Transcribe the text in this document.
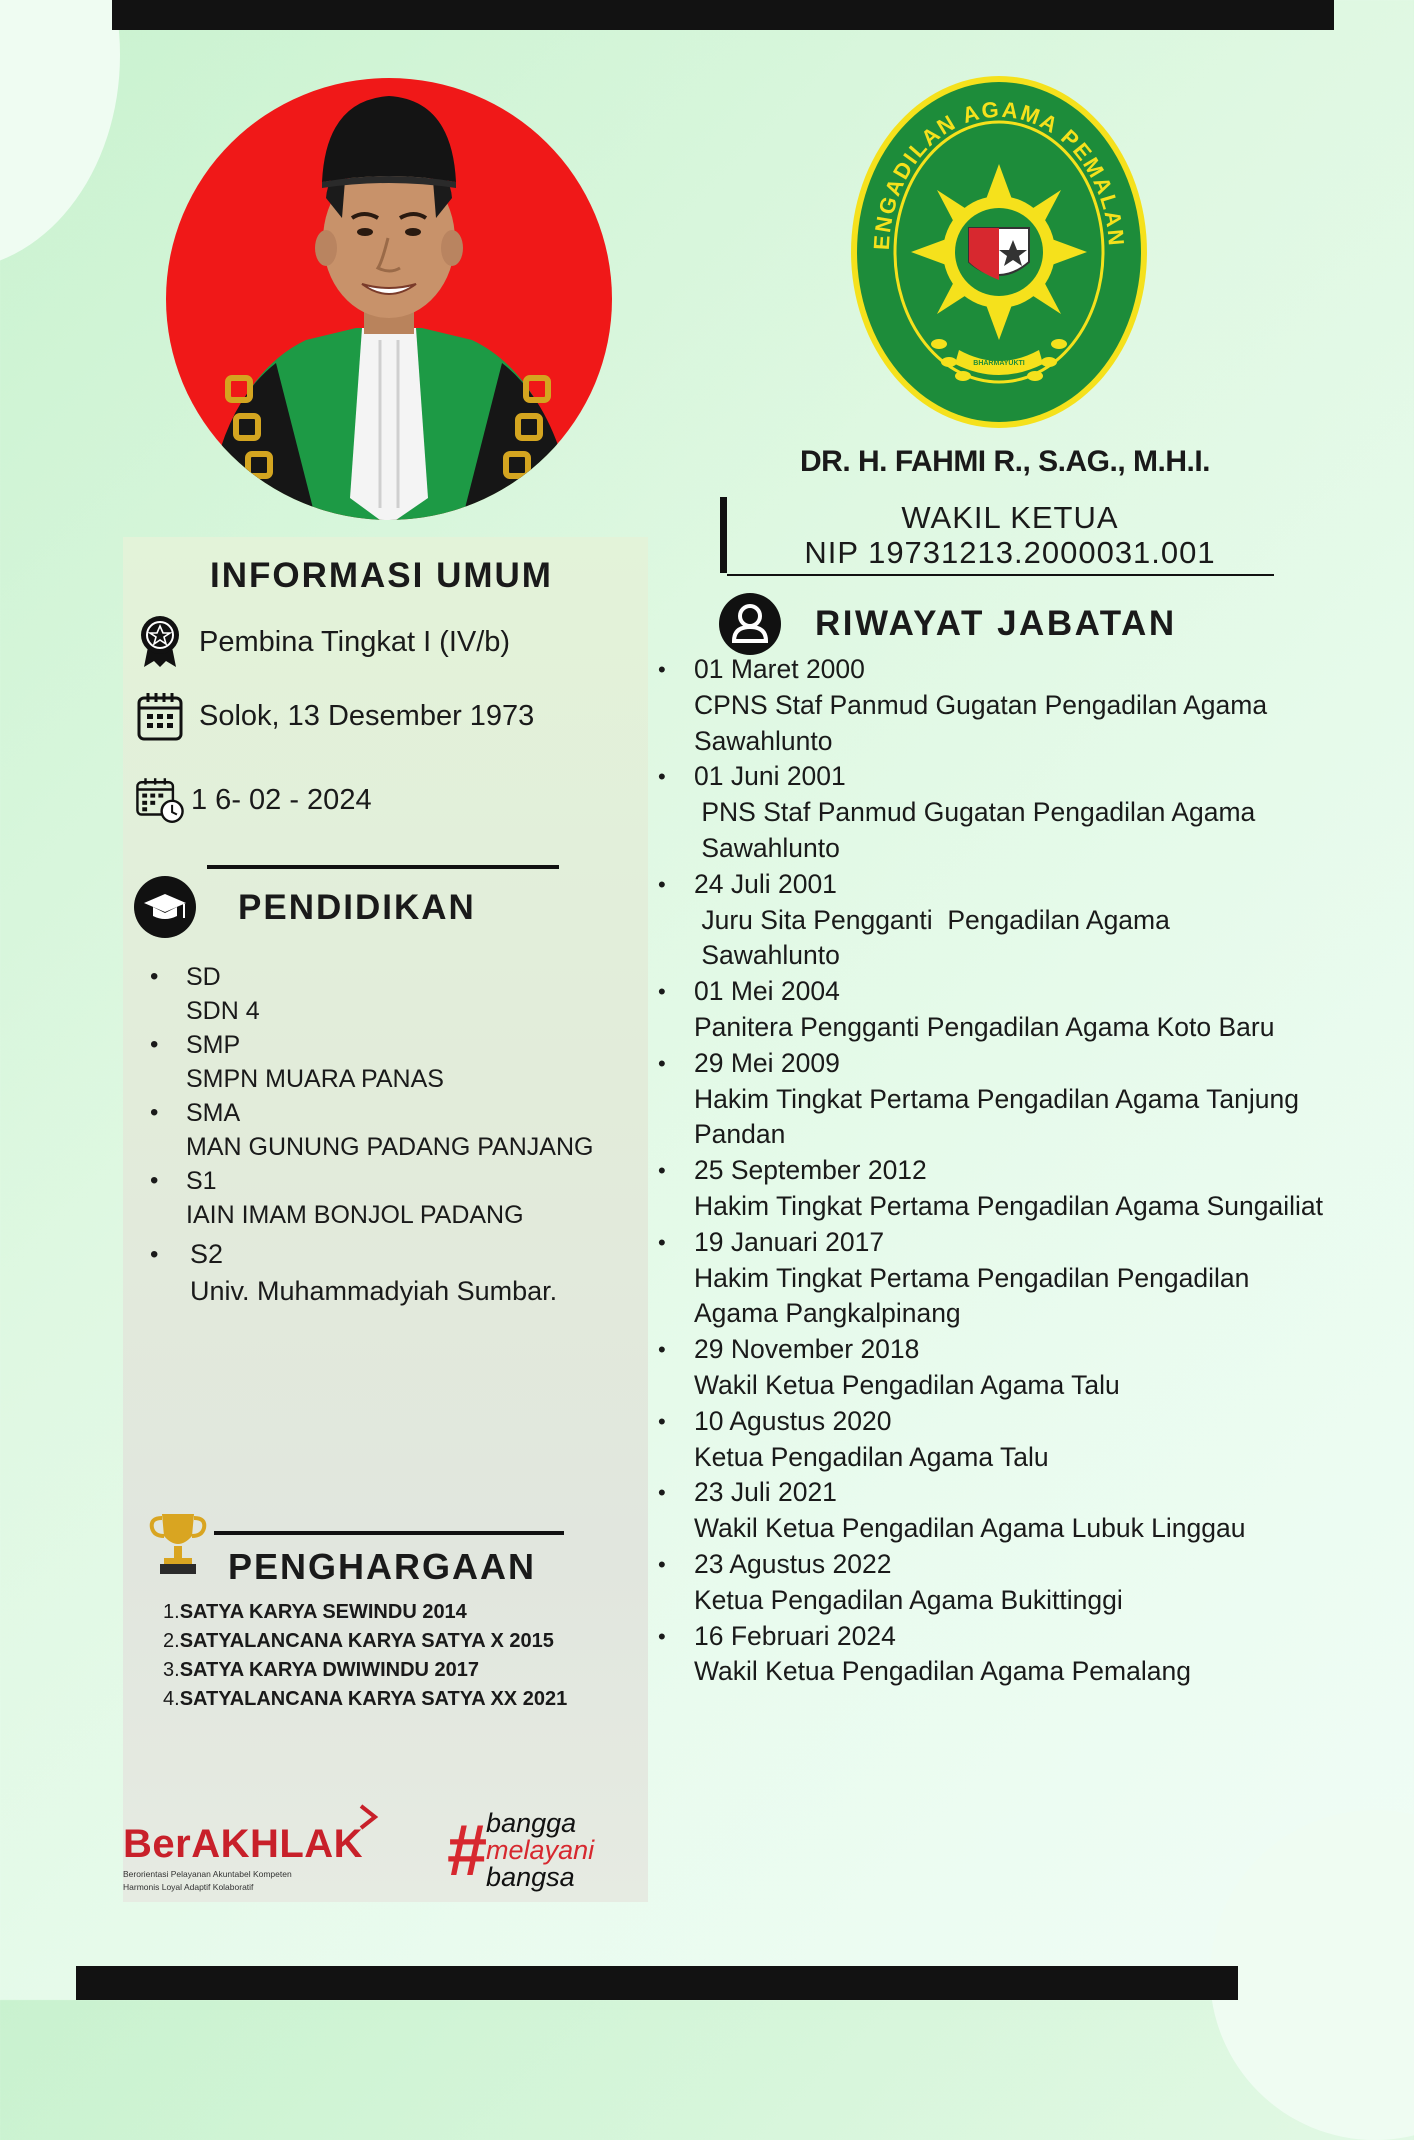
ENGADILAN AGAMA PEMALAN
BHARMAYUKTI
DR. H. FAHMI R., S.AG., M.H.I.
WAKIL KETUA
NIP 19731213.2000031.001
INFORMASI UMUM
Pembina Tingkat I (IV/b)
Solok, 13 Desember 1973
1 6- 02 - 2024
PENDIDIKAN
•	SD
SDN 4
•	SMP
SMPN MUARA PANAS
•	SMA
MAN GUNUNG PADANG PANJANG
•	S1
IAIN IMAM BONJOL PADANG
•	S2
Univ. Muhammadyiah Sumbar.
PENGHARGAAN
1.SATYA KARYA SEWINDU 2014
2.SATYALANCANA KARYA SATYA X 2015
3.SATYA KARYA DWIWINDU 2017
4.SATYALANCANA KARYA SATYA XX 2021
BerAKHLAK
Berorientasi Pelayanan Akuntabel Kompeten
Harmonis Loyal Adaptif Kolaboratif	# bangga
melayani
bangsa
RIWAYAT JABATAN
•	01 Maret 2000
CPNS Staf Panmud Gugatan Pengadilan Agama
Sawahlunto
•	01 Juni 2001
PNS Staf Panmud Gugatan Pengadilan Agama
Sawahlunto
•	24 Juli 2001
Juru Sita Pengganti  Pengadilan Agama
Sawahlunto
•	01 Mei 2004
Panitera Pengganti Pengadilan Agama Koto Baru
•	29 Mei 2009
Hakim Tingkat Pertama Pengadilan Agama Tanjung
Pandan
•	25 September 2012
Hakim Tingkat Pertama Pengadilan Agama Sungailiat
•	19 Januari 2017
Hakim Tingkat Pertama Pengadilan Pengadilan
Agama Pangkalpinang
•	29 November 2018
Wakil Ketua Pengadilan Agama Talu
•	10 Agustus 2020
Ketua Pengadilan Agama Talu
•	23 Juli 2021
Wakil Ketua Pengadilan Agama Lubuk Linggau
•	23 Agustus 2022
Ketua Pengadilan Agama Bukittinggi
•	16 Februari 2024
Wakil Ketua Pengadilan Agama Pemalang
